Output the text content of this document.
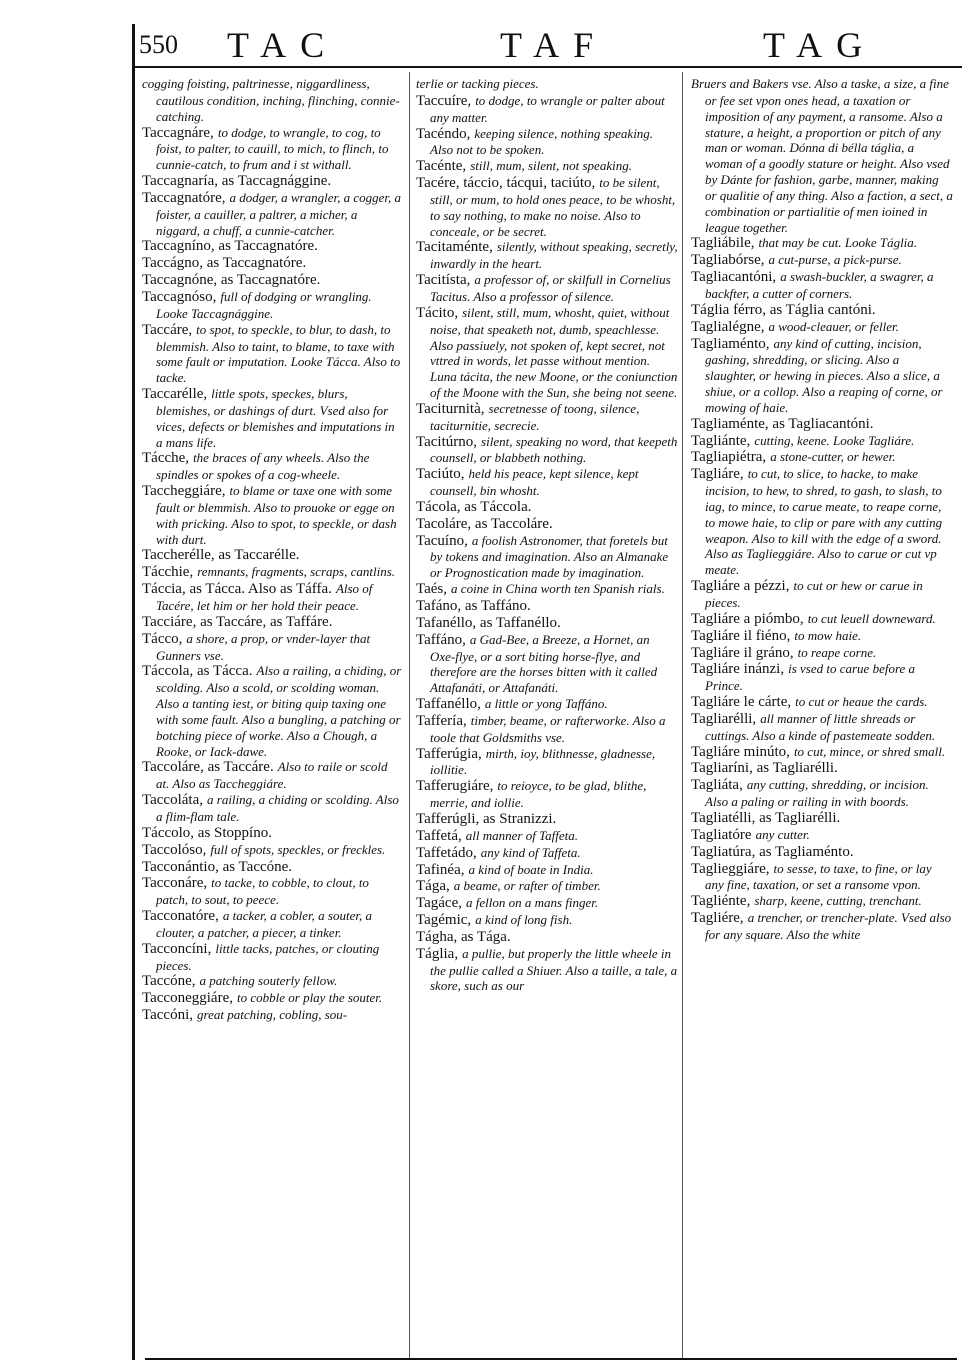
550 TAC	TAF	TAG
cogging foisting, paltrinesse, niggardliness, cautilous condition, inching, flinching, connie-catching.
Taccagnáre, to dodge, to wrangle, to cog, to foist, to palter, to cauill, to mich, to flinch, to cunnie-catch, to frum and i st withall.
Taccagnaría, as Taccagnággine.
Taccagnatóre, a dodger, a wrangler, a cogger, a foister, a cauiller, a paltrer, a micher, a niggard, a chuff, a cunnie-catcher.
Taccagníno, as Taccagnatóre.
Taccágno, as Taccagnatóre.
Taccagnóne, as Taccagnatóre.
Taccagnóso, full of dodging or wrangling. Looke Taccagnággine.
Taccáre, to spot, to speckle, to blur, to dash, to blemmish. Also to taint, to blame, to taxe with some fault or imputation. Looke Tácca. Also to tacke.
Taccarélle, little spots, speckes, blurs, blemishes, or dashings of durt. Vsed also for vices, defects or blemishes and imputations in a mans life.
Tácche, the braces of any wheels. Also the spindles or spokes of a cog-wheele.
Taccheggiáre, to blame or taxe one with some fault or blemmish. Also to prouoke or egge on with pricking. Also to spot, to speckle, or dash with durt.
Taccherélle, as Taccarélle.
Tácchie, remnants, fragments, scraps, cantlins.
Táccia, as Tácca. Also as Táffa. Also of Tacére, let him or her hold their peace.
Tacciáre, as Taccáre, as Taffáre.
Tácco, a shore, a prop, or vnder-layer that Gunners vse.
Táccola, as Tácca. Also a railing, a chiding, or scolding. Also a scold, or scolding woman. Also a tanting iest, or biting quip taxing one with some fault. Also a bungling, a patching or botching piece of worke. Also a Chough, a Rooke, or Iack-dawe.
Taccoláre, as Taccáre. Also to raile or scold at. Also as Taccheggiáre.
Taccoláta, a railing, a chiding or scolding. Also a flim-flam tale.
Táccolo, as Stoppíno.
Taccolóso, full of spots, speckles, or freckles.
Tacconántio, as Taccóne.
Tacconáre, to tacke, to cobble, to clout, to patch, to sout, to peece.
Tacconatóre, a tacker, a cobler, a souter, a clouter, a patcher, a piecer, a tinker.
Tacconcíni, little tacks, patches, or clouting pieces.
Taccóne, a patching souterly fellow.
Tacconeggiáre, to cobble or play the souter.
Taccóni, great patching, cobling, sou-
terlie or tacking pieces.
Taccuíre, to dodge, to wrangle or palter about any matter.
Tacéndo, keeping silence, nothing speaking. Also not to be spoken.
Tacénte, still, mum, silent, not speaking.
Tacére, táccio, tácqui, taciúto, to be silent, still, or mum, to hold ones peace, to be whosht, to say nothing, to make no noise. Also to conceale, or be secret.
Tacitaménte, silently, without speaking, secretly, inwardly in the heart.
Tacitísta, a professor of, or skilfull in Cornelius Tacitus. Also a professor of silence.
Tácito, silent, still, mum, whosht, quiet, without noise, that speaketh not, dumb, speachlesse. Also passiuely, not spoken of, kept secret, not vttred in words, let passe without mention. Luna tácita, the new Moone, or the coniunction of the Moone with the Sun, she being not seene.
Taciturnità, secretnesse of toong, silence, taciturnitie, secrecie.
Tacitúrno, silent, speaking no word, that keepeth counsell, or blabbeth nothing.
Taciúto, held his peace, kept silence, kept counsell, bin whosht.
Tácola, as Táccola.
Tacoláre, as Taccoláre.
Tacuíno, a foolish Astronomer, that foretels but by tokens and imagination. Also an Almanake or Prognostication made by imagination.
Taés, a coine in China worth ten Spanish rials.
Tafáno, as Taffáno.
Tafanéllo, as Taffanéllo.
Taffáno, a Gad-Bee, a Breeze, a Hornet, an Oxe-flye, or a sort biting horse-flye, and therefore are the horses bitten with it called Attafanáti, or Attafanáti.
Taffanéllo, a little or yong Taffáno.
Taffería, timber, beame, or rafterworke. Also a toole that Goldsmiths vse.
Tafferúgia, mirth, ioy, blithnesse, gladnesse, iollitie.
Tafferugiáre, to reioyce, to be glad, blithe, merrie, and iollie.
Tafferúgli, as Stranizzi.
Taffetá, all manner of Taffeta.
Taffetádo, any kind of Taffeta.
Tafinéa, a kind of boate in India.
Tága, a beame, or rafter of timber.
Tagáce, a fellon on a mans finger.
Tagémic, a kind of long fish.
Tágha, as Tága.
Táglia, a pullie, but properly the little wheele in the pullie called a Shiuer. Also a taille, a tale, a skore, such as our
Bruers and Bakers vse. Also a taske, a size, a fine or fee set vpon ones head, a taxation or imposition of any payment, a ransome. Also a stature, a height, a proportion or pitch of any man or woman. Dónna di bélla táglia, a woman of a goodly stature or height. Also vsed by Dánte for fashion, garbe, manner, making or qualitie of any thing. Also a faction, a sect, a combination or partialitie of men ioined in league together.
Tagliábile, that may be cut. Looke Táglia.
Tagliabórse, a cut-purse, a pick-purse.
Tagliacantóni, a swash-buckler, a swagrer, a backfter, a cutter of corners.
Táglia férro, as Táglia cantóni.
Taglialégne, a wood-cleauer, or feller.
Tagliaménto, any kind of cutting, incision, gashing, shredding, or slicing. Also a slaughter, or hewing in pieces. Also a slice, a shiue, or a collop. Also a reaping of corne, or mowing of haie.
Tagliaménte, as Tagliacantóni.
Tagliánte, cutting, keene. Looke Tagliáre.
Tagliapiétra, a stone-cutter, or hewer.
Tagliáre, to cut, to slice, to hacke, to make incision, to hew, to shred, to gash, to slash, to iag, to mince, to carue meate, to reape corne, to mowe haie, to clip or pare with any cutting weapon. Also to kill with the edge of a sword. Also as Taglieggiáre. Also to carue or cut vp meate.
Tagliáre a pézzi, to cut or hew or carue in pieces.
Tagliáre a piómbo, to cut leuell downeward.
Tagliáre il fiéno, to mow haie.
Tagliáre il gráno, to reape corne.
Tagliáre inánzi, is vsed to carue before a Prince.
Tagliáre le cárte, to cut or heaue the cards.
Tagliarélli, all manner of little shreads or cuttings. Also a kinde of pastemeate sodden.
Tagliáre minúto, to cut, mince, or shred small.
Tagliaríni, as Tagliarélli.
Tagliáta, any cutting, shredding, or incision. Also a paling or railing in with boords.
Tagliatélli, as Tagliarélli.
Tagliatóre any cutter.
Tagliatúra, as Tagliaménto.
Taglieggiáre, to sesse, to taxe, to fine, or lay any fine, taxation, or set a ransome vpon.
Tagliénte, sharp, keene, cutting, trenchant.
Tagliére, a trencher, or trencher-plate. Vsed also for any square. Also the white
